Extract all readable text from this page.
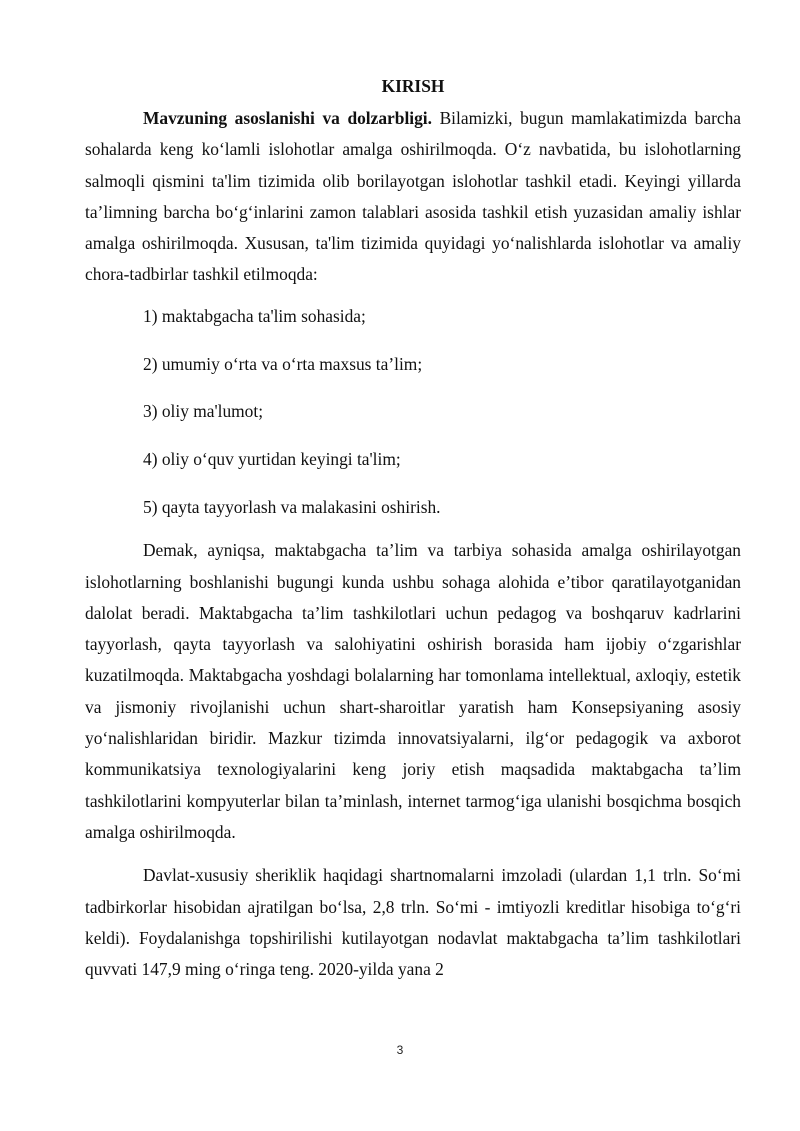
KIRISH

Mavzuning asoslanishi va dolzarbligi. Bilamizki, bugun mamlakatimizda barcha sohalarda keng koʻlamli islohotlar amalga oshirilmoqda. Oʻz navbatida, bu islohotlarning salmoqli qismini ta'lim tizimida olib borilayotgan islohotlar tashkil etadi. Keyingi yillarda ta’limning barcha boʻgʻinlarini zamon talablari asosida tashkil etish yuzasidan amaliy ishlar amalga oshirilmoqda. Xususan, ta'lim tizimida quyidagi yoʻnalishlarda islohotlar va amaliy chora-tadbirlar tashkil etilmoqda:

1) maktabgacha ta'lim sohasida;
2) umumiy oʻrta va oʻrta maxsus ta’lim;
3) oliy ma'lumot;
4) oliy oʻquv yurtidan keyingi ta'lim;
5) qayta tayyorlash va malakasini oshirish.

Demak, ayniqsa, maktabgacha ta’lim va tarbiya sohasida amalga oshirilayotgan islohotlarning boshlanishi bugungi kunda ushbu sohaga alohida e’tibor qaratilayotganidan dalolat beradi. Maktabgacha ta’lim tashkilotlari uchun pedagog va boshqaruv kadrlarini tayyorlash, qayta tayyorlash va salohiyatini oshirish borasida ham ijobiy oʻzgarishlar kuzatilmoqda. Maktabgacha yoshdagi bolalarning har tomonlama intellektual, axloqiy, estetik va jismoniy rivojlanishi uchun shart-sharoitlar yaratish ham Konsepsiyaning asosiy yoʻnalishlaridan biridir. Mazkur tizimda innovatsiyalarni, ilgʻor pedagogik va axborot kommunikatsiya texnologiyalarini keng joriy etish maqsadida maktabgacha ta’lim tashkilotlarini kompyuterlar bilan ta’minlash, internet tarmogʻiga ulanishi bosqichma bosqich amalga oshirilmoqda.

Davlat-xususiy sheriklik haqidagi shartnomalarni imzoladi (ulardan 1,1 trln. Soʻmi tadbirkorlar hisobidan ajratilgan boʻlsa, 2,8 trln. Soʻmi - imtiyozli kreditlar hisobiga toʻgʻri keldi). Foydalanishga topshirilishi kutilayotgan nodavlat maktabgacha ta’lim tashkilotlari quvvati 147,9 ming oʻringa teng. 2020-yilda yana 2

3
